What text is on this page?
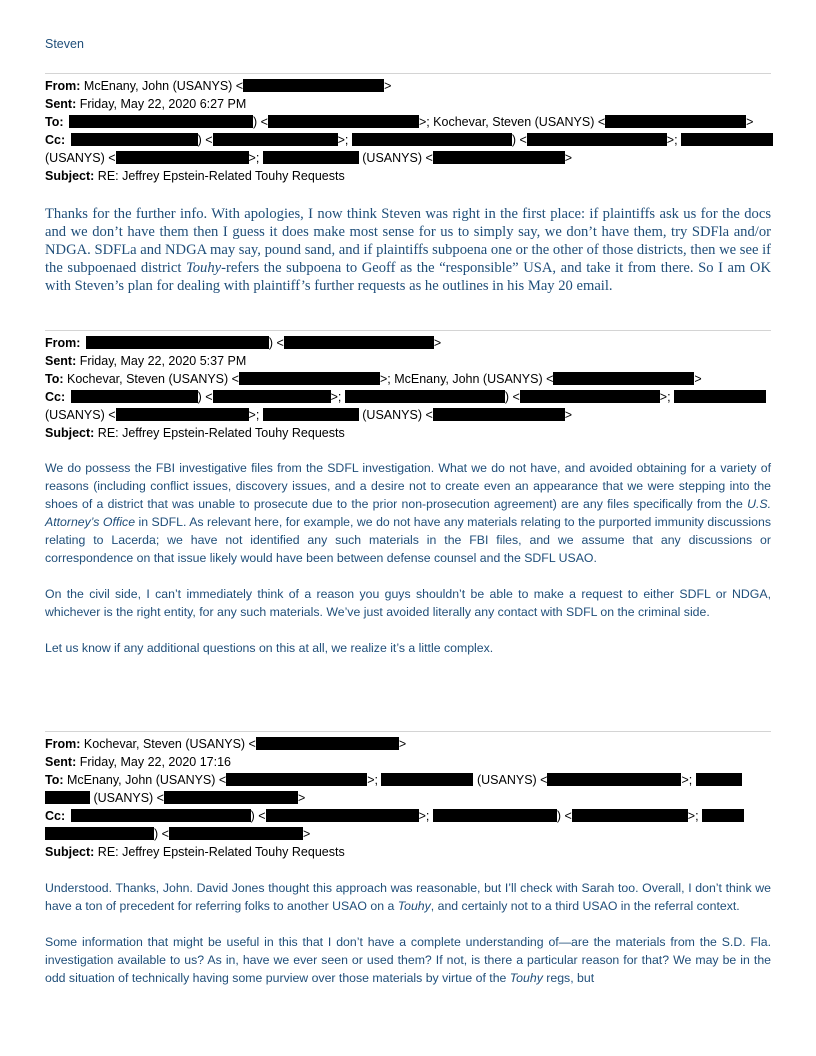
Steven
From: McEnany, John (USANYS) <	>
Sent: Friday, May 22, 2020 6:27 PM
To:	) <	>; Kochevar, Steven (USANYS) <	>
Cc:	) <	>;	) <	>;
(USANYS) <	>;	(USANYS) <	>
Subject: RE: Jeffrey Epstein-Related Touhy Requests

Thanks for the further info. With apologies, I now think Steven was right in the first place: if plaintiffs ask us for the docs and we don’t have them then I guess it does make most sense for us to simply say, we don’t have them, try SDFla and/or NDGA. SDFLa and NDGA may say, pound sand, and if plaintiffs subpoena one or the other of those districts, then we see if the subpoenaed district Touhy-refers the subpoena to Geoff as the “responsible” USA, and take it from there. So I am OK with Steven’s plan for dealing with plaintiff’s further requests as he outlines in his May 20 email.

From:	) <	>
Sent: Friday, May 22, 2020 5:37 PM
To: Kochevar, Steven (USANYS) <	>; McEnany, John (USANYS) <	>
Cc:	) <	>;	) <	>;
(USANYS) <	>;	(USANYS) <	>
Subject: RE: Jeffrey Epstein-Related Touhy Requests

We do possess the FBI investigative files from the SDFL investigation. What we do not have, and avoided obtaining for a variety of reasons (including conflict issues, discovery issues, and a desire not to create even an appearance that we were stepping into the shoes of a district that was unable to prosecute due to the prior non-prosecution agreement) are any files specifically from the U.S. Attorney’s Office in SDFL. As relevant here, for example, we do not have any materials relating to the purported immunity discussions relating to Lacerda; we have not identified any such materials in the FBI files, and we assume that any discussions or correspondence on that issue likely would have been between defense counsel and the SDFL USAO.

On the civil side, I can’t immediately think of a reason you guys shouldn’t be able to make a request to either SDFL or NDGA, whichever is the right entity, for any such materials. We’ve just avoided literally any contact with SDFL on the criminal side.

Let us know if any additional questions on this at all, we realize it’s a little complex.

From: Kochevar, Steven (USANYS) <	>
Sent: Friday, May 22, 2020 17:16
To: McEnany, John (USANYS) <	>;	(USANYS) <	>;
(USANYS) <	>
Cc:	) <	>;	) <	>;
) <	>
Subject: RE: Jeffrey Epstein-Related Touhy Requests

Understood. Thanks, John. David Jones thought this approach was reasonable, but I’ll check with Sarah too. Overall, I don’t think we have a ton of precedent for referring folks to another USAO on a Touhy, and certainly not to a third USAO in the referral context.

Some information that might be useful in this that I don’t have a complete understanding of—are the materials from the S.D. Fla. investigation available to us? As in, have we ever seen or used them? If not, is there a particular reason for that? We may be in the odd situation of technically having some purview over those materials by virtue of the Touhy regs, but
